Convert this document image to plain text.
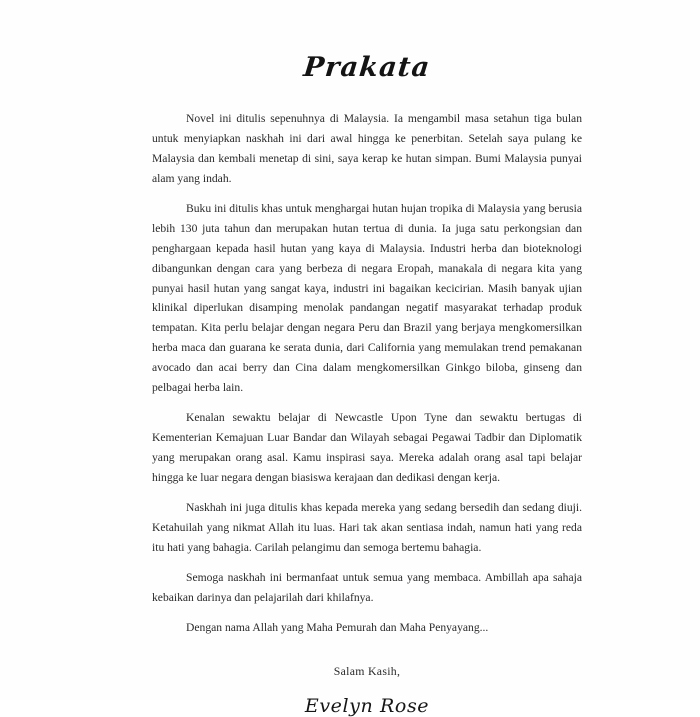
Prakata

Novel ini ditulis sepenuhnya di Malaysia. Ia mengambil masa setahun tiga bulan untuk menyiapkan naskhah ini dari awal hingga ke penerbitan. Setelah saya pulang ke Malaysia dan kembali menetap di sini, saya kerap ke hutan simpan. Bumi Malaysia punyai alam yang indah.

Buku ini ditulis khas untuk menghargai hutan hujan tropika di Malaysia yang berusia lebih 130 juta tahun dan merupakan hutan tertua di dunia. Ia juga satu perkongsian dan penghargaan kepada hasil hutan yang kaya di Malaysia. Industri herba dan bioteknologi dibangunkan dengan cara yang berbeza di negara Eropah, manakala di negara kita yang punyai hasil hutan yang sangat kaya, industri ini bagaikan kecicirian. Masih banyak ujian klinikal diperlukan disamping menolak pandangan negatif masyarakat terhadap produk tempatan. Kita perlu belajar dengan negara Peru dan Brazil yang berjaya mengkomersilkan herba maca dan guarana ke serata dunia, dari California yang memulakan trend pemakanan avocado dan acai berry dan Cina dalam mengkomersilkan Ginkgo biloba, ginseng dan pelbagai herba lain.

Kenalan sewaktu belajar di Newcastle Upon Tyne dan sewaktu bertugas di Kementerian Kemajuan Luar Bandar dan Wilayah sebagai Pegawai Tadbir dan Diplomatik yang merupakan orang asal. Kamu inspirasi saya. Mereka adalah orang asal tapi belajar hingga ke luar negara dengan biasiswa kerajaan dan dedikasi dengan kerja.

Naskhah ini juga ditulis khas kepada mereka yang sedang bersedih dan sedang diuji. Ketahuilah yang nikmat Allah itu luas. Hari tak akan sentiasa indah, namun hati yang reda itu hati yang bahagia. Carilah pelangimu dan semoga bertemu bahagia.

Semoga naskhah ini bermanfaat untuk semua yang membaca. Ambillah apa sahaja kebaikan darinya dan pelajarilah dari khilafnya.

Dengan nama Allah yang Maha Pemurah dan Maha Penyayang...

Salam Kasih,
Evelyn Rose
